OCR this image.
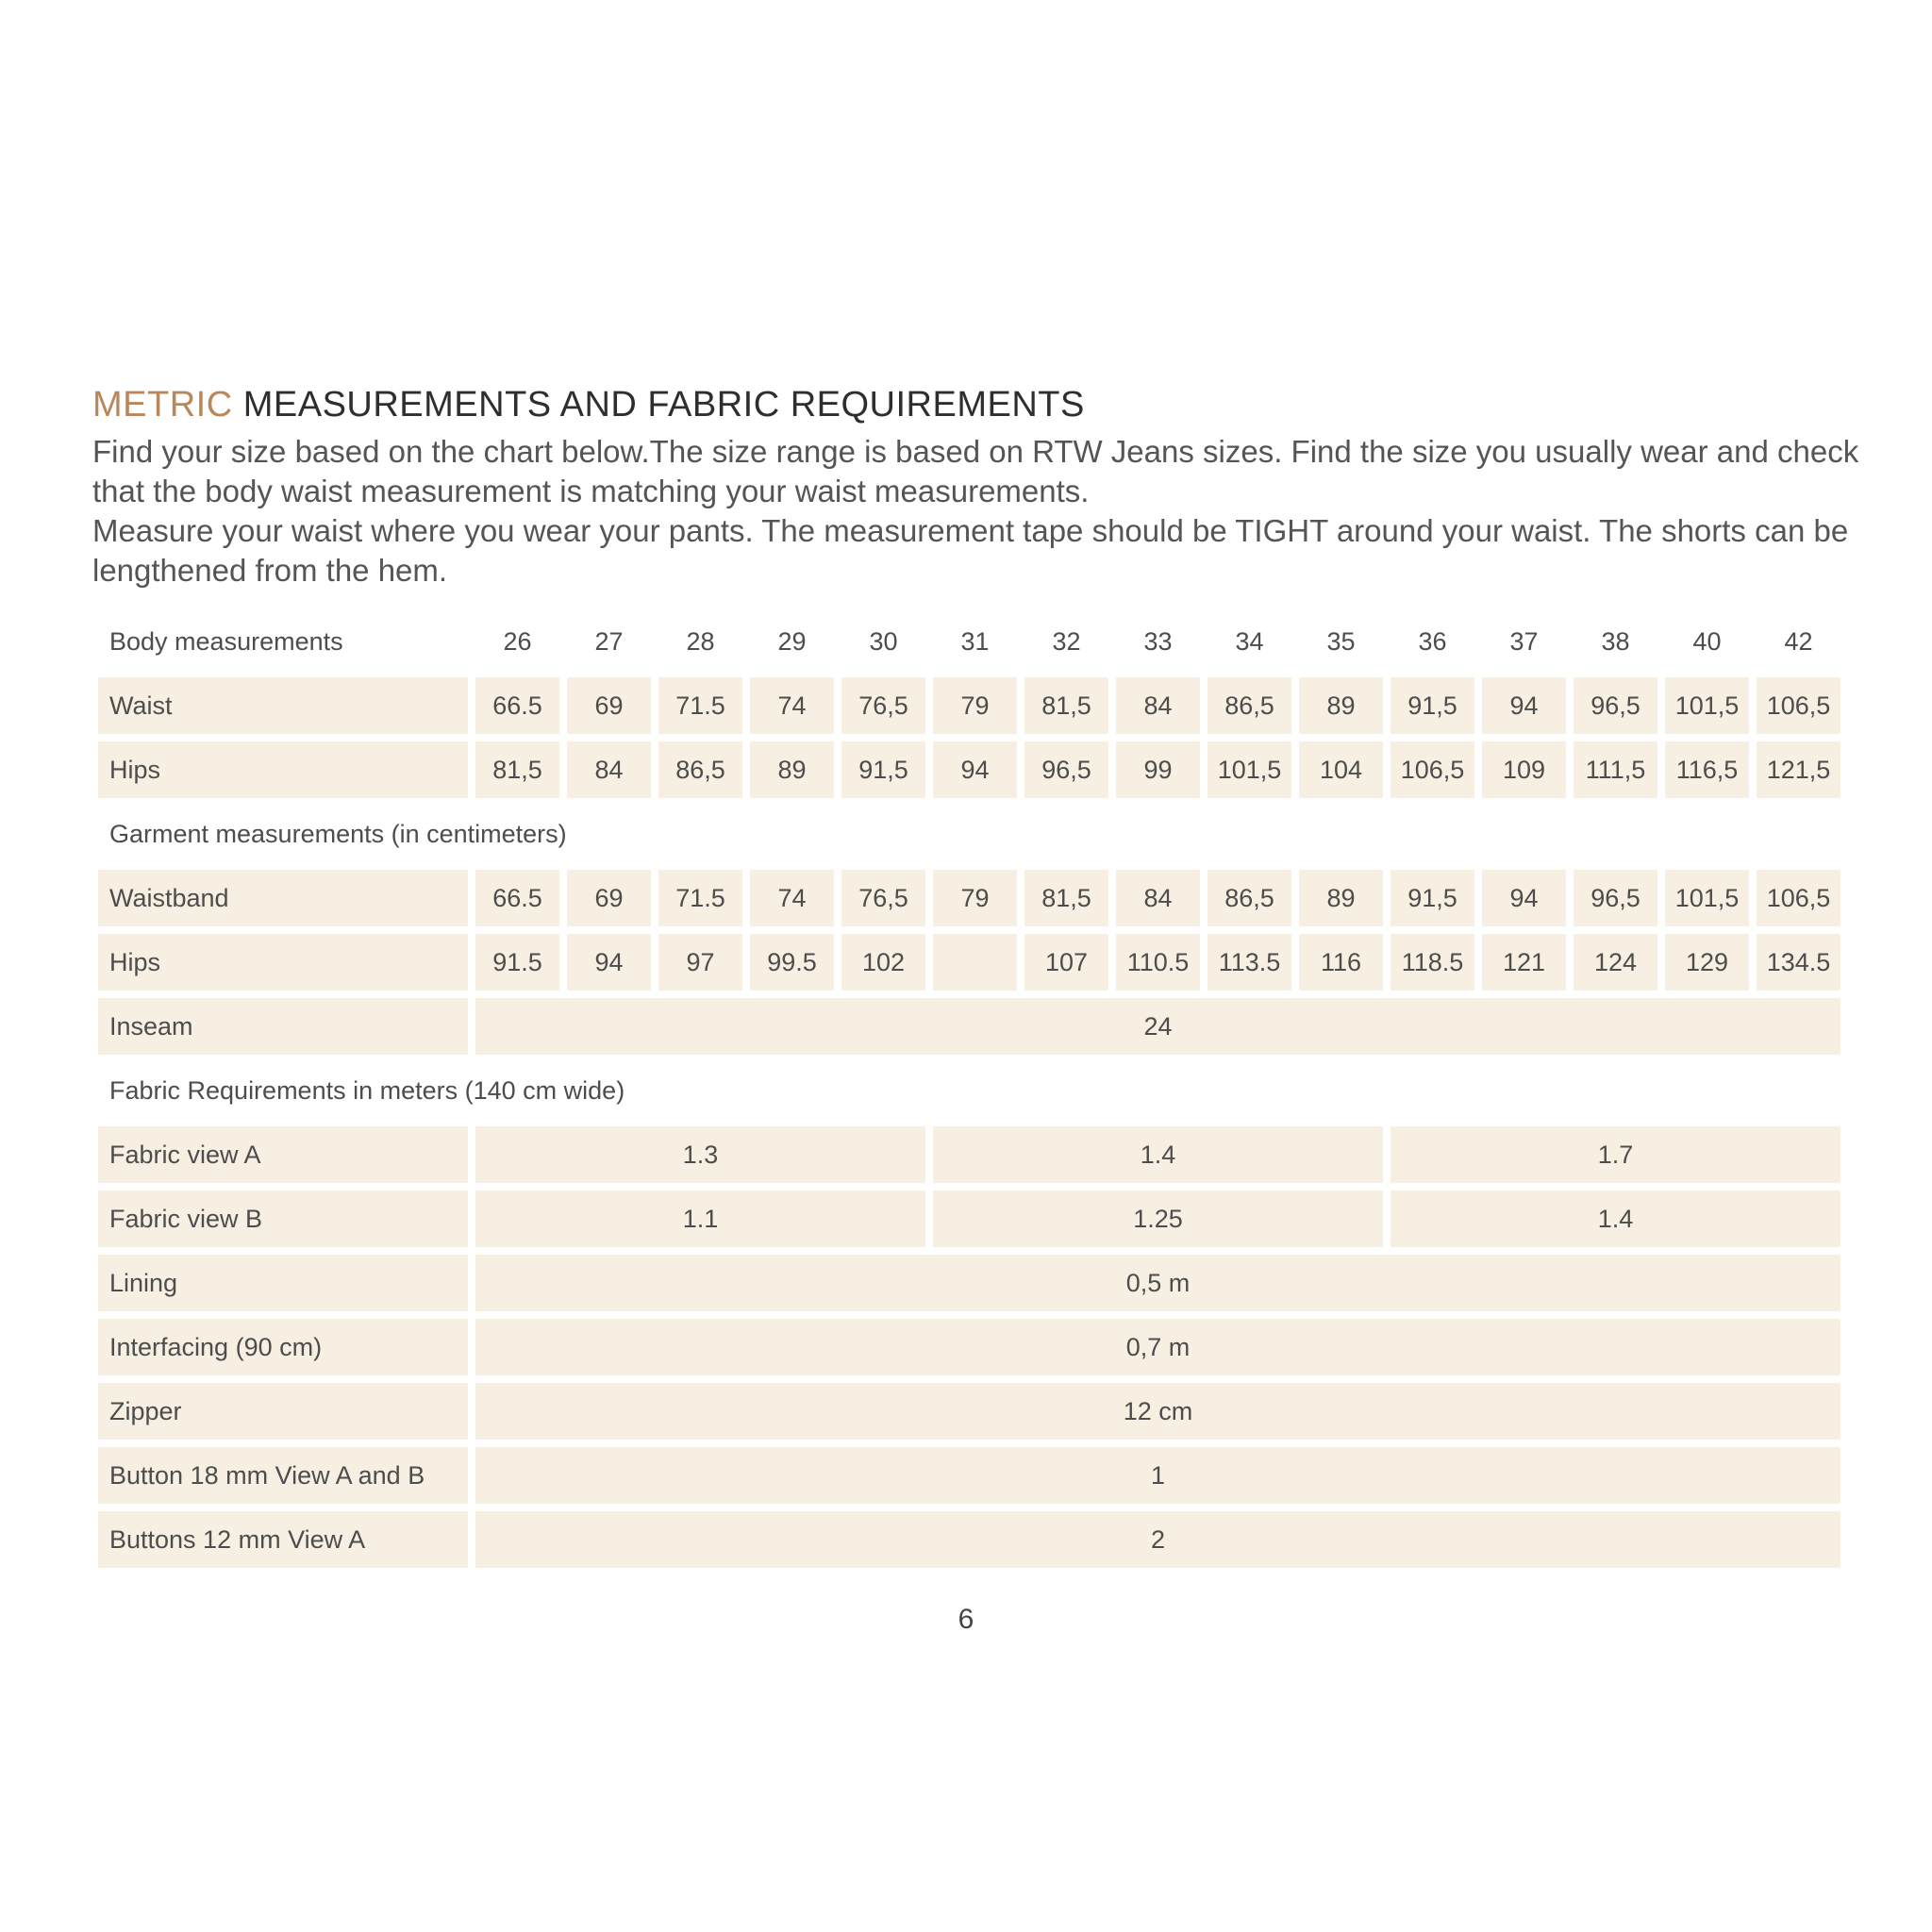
METRIC MEASUREMENTS AND FABRIC REQUIREMENTS

Find your size based on the chart below.The size range is based on RTW Jeans sizes. Find the size you usually wear and check that the body waist measurement is matching your waist measurements.

Measure your waist where you wear your pants. The measurement tape should be TIGHT around your waist. The shorts can be lengthened from the hem.

Body measurements	26	27	28	29	30	31	32	33	34	35	36	37	38	40	42
Waist	66.5	69	71.5	74	76,5	79	81,5	84	86,5	89	91,5	94	96,5	101,5	106,5
Hips	81,5	84	86,5	89	91,5	94	96,5	99	101,5	104	106,5	109	111,5	116,5	121,5
Garment measurements (in centimeters)															
Waistband	66.5	69	71.5	74	76,5	79	81,5	84	86,5	89	91,5	94	96,5	101,5	106,5
Hips	91.5	94	97	99.5	102		107	110.5	113.5	116	118.5	121	124	129	134.5
Inseam	24														
Fabric Requirements in meters (140 cm wide)															
Fabric view A	1.3					1.4					1.7				
Fabric view B	1.1					1.25					1.4				
Lining	0,5 m														
Interfacing (90 cm)	0,7 m														
Zipper	12 cm														
Button 18 mm View A and B	1														
Buttons 12 mm View A	2														
6
